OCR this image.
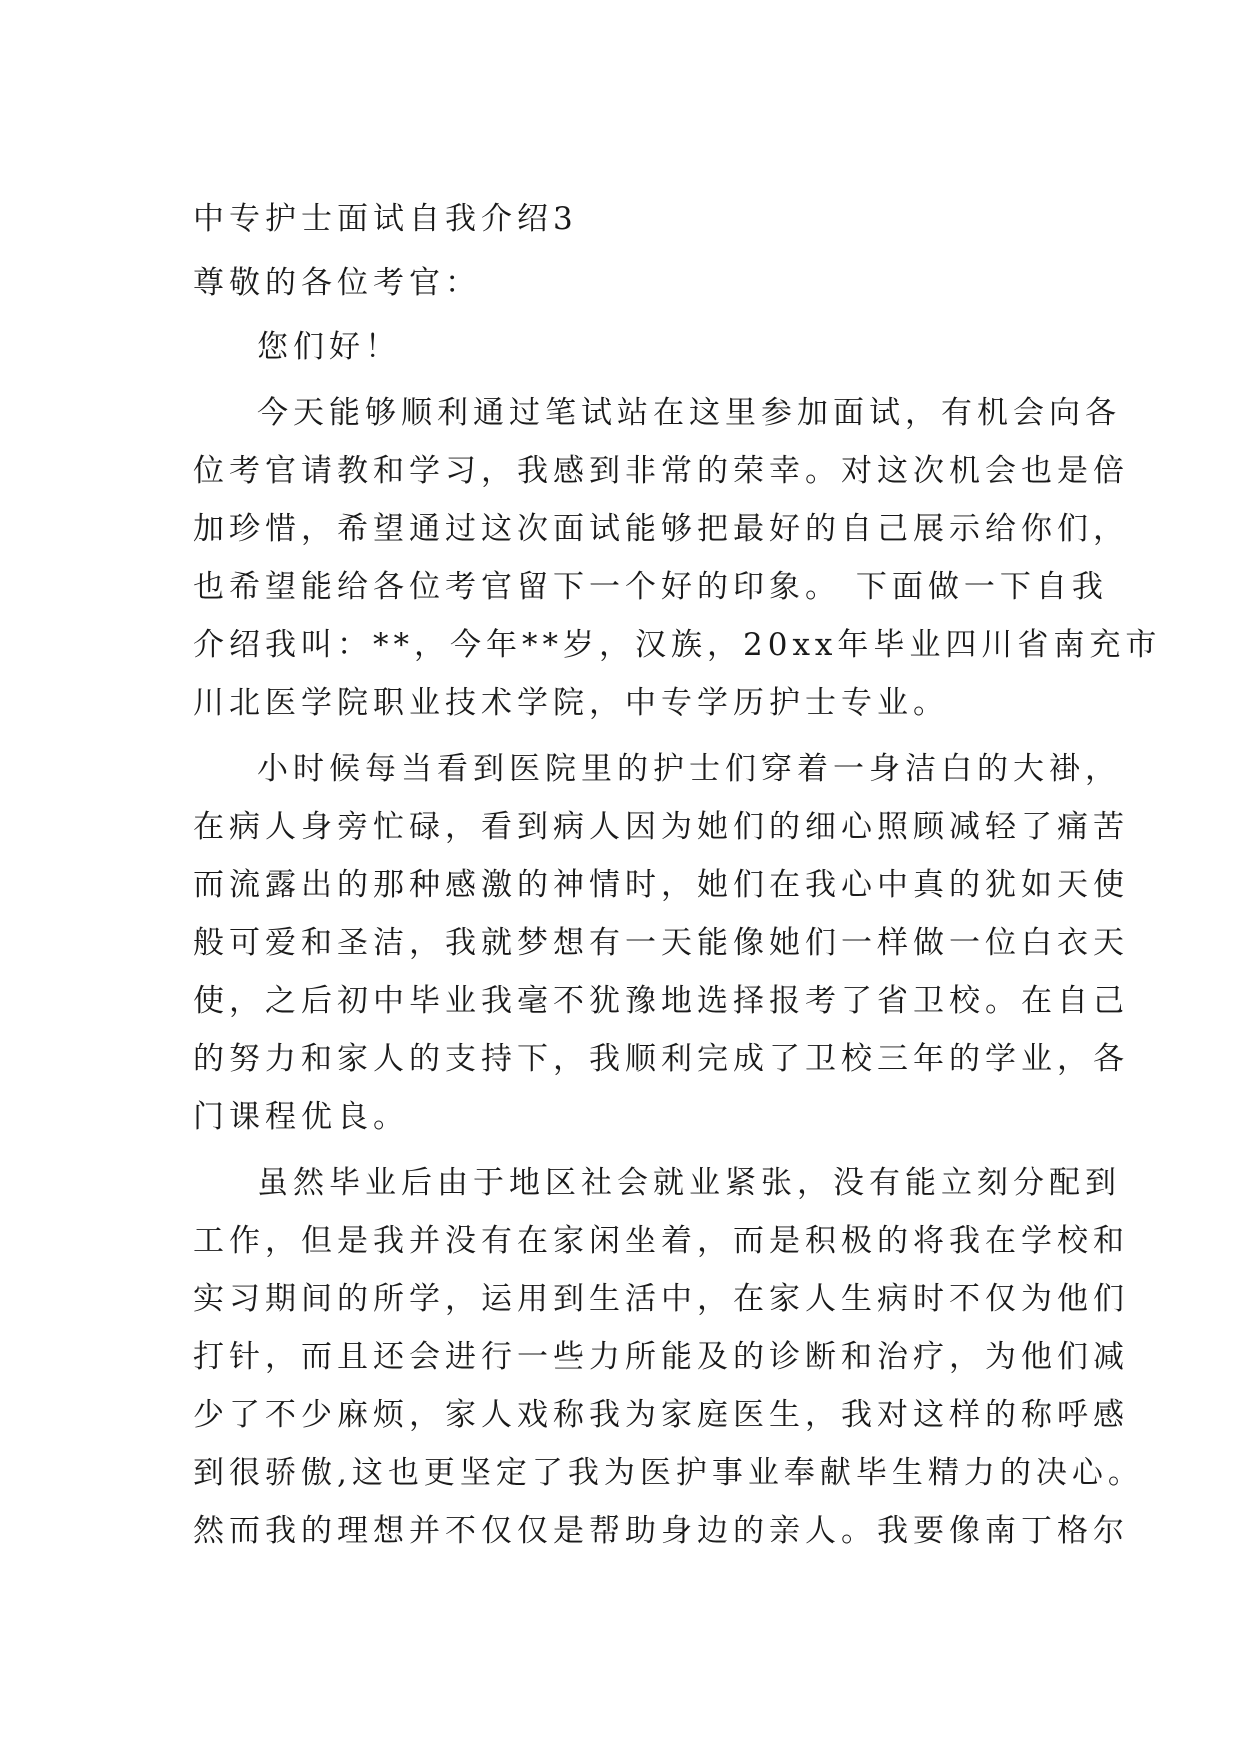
中专护士面试自我介绍3
尊敬的各位考官：
您们好！
今天能够顺利通过笔试站在这里参加面试，有机会向各
位考官请教和学习，我感到非常的荣幸。对这次机会也是倍
加珍惜，希望通过这次面试能够把最好的自己展示给你们，
也希望能给各位考官留下一个好的印象。 下面做一下自我
介绍我叫：**，今年**岁，汉族，20xx年毕业四川省南充市
川北医学院职业技术学院，中专学历护士专业。
小时候每当看到医院里的护士们穿着一身洁白的大褂，
在病人身旁忙碌，看到病人因为她们的细心照顾减轻了痛苦
而流露出的那种感激的神情时，她们在我心中真的犹如天使
般可爱和圣洁，我就梦想有一天能像她们一样做一位白衣天
使，之后初中毕业我毫不犹豫地选择报考了省卫校。在自己
的努力和家人的支持下，我顺利完成了卫校三年的学业，各
门课程优良。
虽然毕业后由于地区社会就业紧张，没有能立刻分配到
工作，但是我并没有在家闲坐着，而是积极的将我在学校和
实习期间的所学，运用到生活中，在家人生病时不仅为他们
打针，而且还会进行一些力所能及的诊断和治疗，为他们减
少了不少麻烦，家人戏称我为家庭医生，我对这样的称呼感
到很骄傲,这也更坚定了我为医护事业奉献毕生精力的决心。
然而我的理想并不仅仅是帮助身边的亲人。我要像南丁格尔
